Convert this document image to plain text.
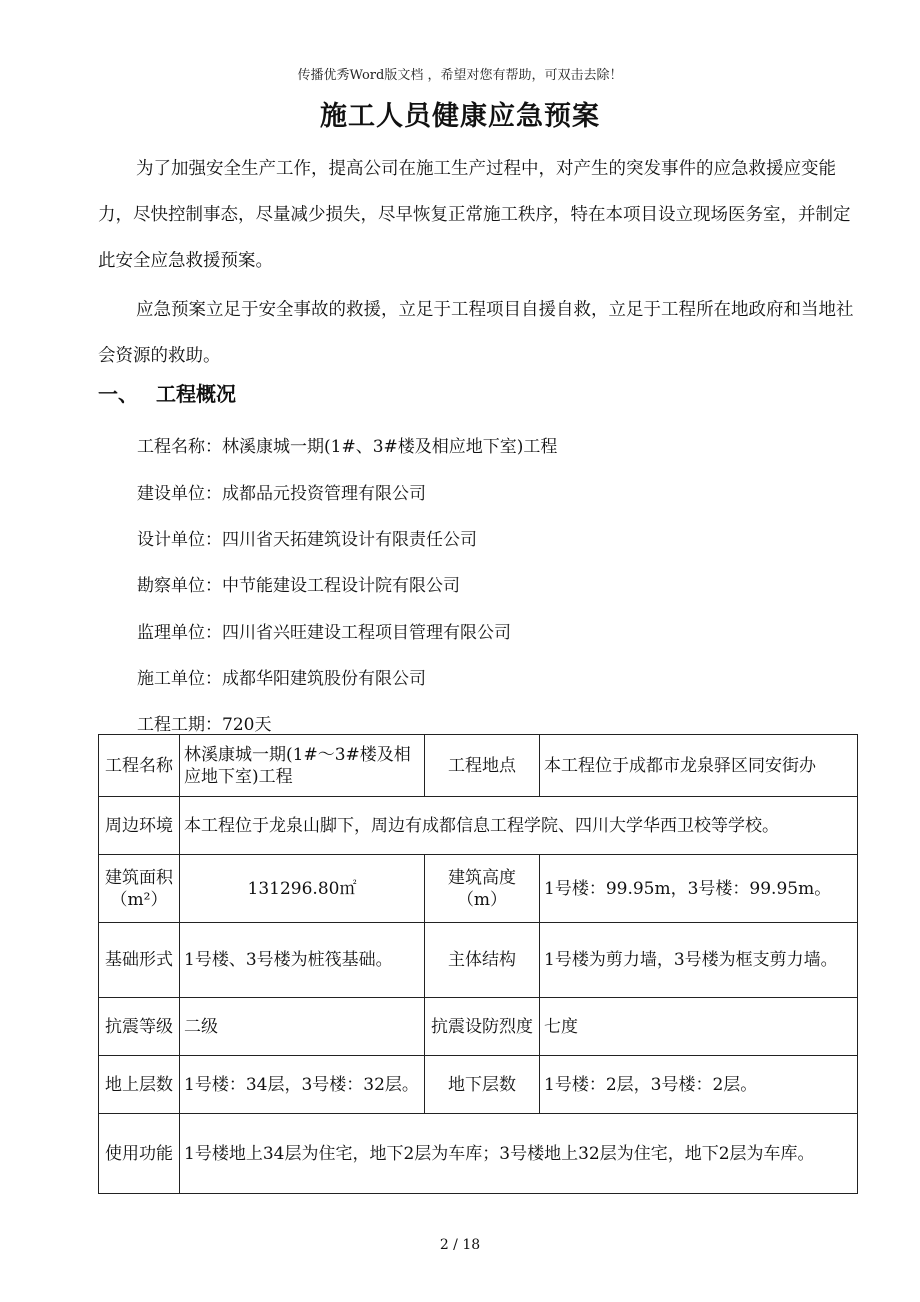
传播优秀Word版文档 ，希望对您有帮助，可双击去除！
施工人员健康应急预案
为了加强安全生产工作，提高公司在施工生产过程中，对产生的突发事件的应急救援应变能力，尽快控制事态，尽量减少损失，尽早恢复正常施工秩序，特在本项目设立现场医务室，并制定此安全应急救援预案。
应急预案立足于安全事故的救援，立足于工程项目自援自救，立足于工程所在地政府和当地社会资源的救助。
一、 工程概况
工程名称：林溪康城一期(1#、3#楼及相应地下室)工程
建设单位：成都品元投资管理有限公司
设计单位：四川省天拓建筑设计有限责任公司
勘察单位：中节能建设工程设计院有限公司
监理单位：四川省兴旺建设工程项目管理有限公司
施工单位：成都华阳建筑股份有限公司
工程工期：720天
工程名称	林溪康城一期(1#～3#楼及相应地下室)工程	工程地点	本工程位于成都市龙泉驿区同安街办
周边环境	本工程位于龙泉山脚下，周边有成都信息工程学院、四川大学华西卫校等学校。		
建筑面积（m²）	131296.80㎡	建筑高度（m）	1号楼：99.95m，3号楼：99.95m。
基础形式	1号楼、3号楼为桩筏基础。	主体结构	1号楼为剪力墙，3号楼为框支剪力墙。
抗震等级	二级	抗震设防烈度	七度
地上层数	1号楼：34层，3号楼：32层。	地下层数	1号楼：2层，3号楼：2层。
使用功能	1号楼地上34层为住宅，地下2层为车库；3号楼地上32层为住宅，地下2层为车库。		
2 / 18
